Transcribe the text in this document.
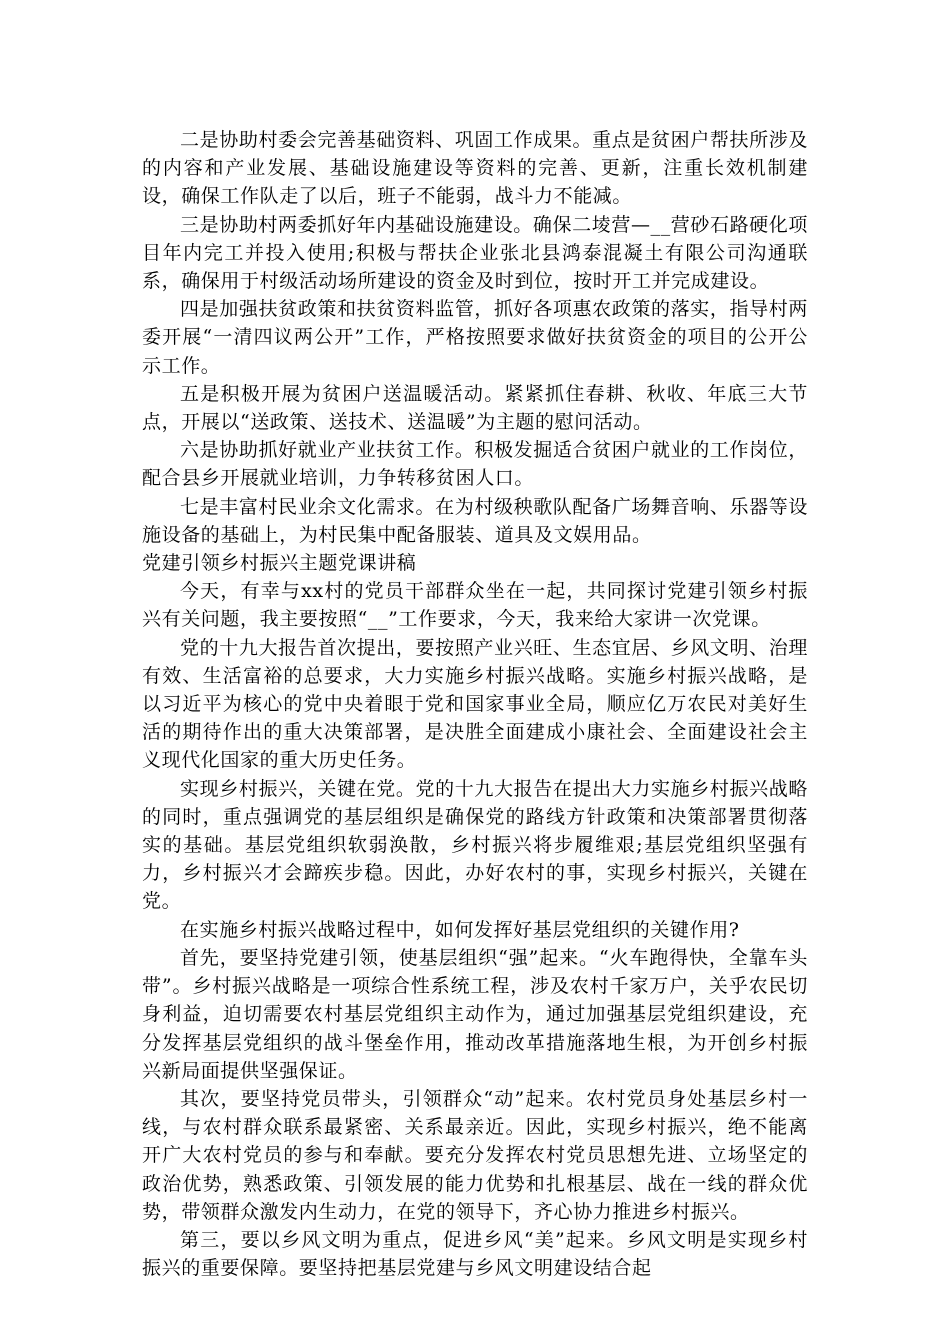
二是协助村委会完善基础资料、巩固工作成果。重点是贫困户帮扶所涉及的内容和产业发展、基础设施建设等资料的完善、更新，注重长效机制建设，确保工作队走了以后，班子不能弱，战斗力不能减。

三是协助村两委抓好年内基础设施建设。确保二堎营—__营砂石路硬化项目年内完工并投入使用;积极与帮扶企业张北县鸿泰混凝土有限公司沟通联系，确保用于村级活动场所建设的资金及时到位，按时开工并完成建设。

四是加强扶贫政策和扶贫资料监管，抓好各项惠农政策的落实，指导村两委开展“一清四议两公开”工作，严格按照要求做好扶贫资金的项目的公开公示工作。

五是积极开展为贫困户送温暖活动。紧紧抓住春耕、秋收、年底三大节点，开展以“送政策、送技术、送温暖”为主题的慰问活动。

六是协助抓好就业产业扶贫工作。积极发掘适合贫困户就业的工作岗位，配合县乡开展就业培训，力争转移贫困人口。

七是丰富村民业余文化需求。在为村级秧歌队配备广场舞音响、乐器等设施设备的基础上，为村民集中配备服装、道具及文娱用品。

党建引领乡村振兴主题党课讲稿

今天，有幸与xx村的党员干部群众坐在一起，共同探讨党建引领乡村振兴有关问题，我主要按照“__”工作要求，今天，我来给大家讲一次党课。

党的十九大报告首次提出，要按照产业兴旺、生态宜居、乡风文明、治理有效、生活富裕的总要求，大力实施乡村振兴战略。实施乡村振兴战略，是以习近平为核心的党中央着眼于党和国家事业全局，顺应亿万农民对美好生活的期待作出的重大决策部署，是决胜全面建成小康社会、全面建设社会主义现代化国家的重大历史任务。

实现乡村振兴，关键在党。党的十九大报告在提出大力实施乡村振兴战略的同时，重点强调党的基层组织是确保党的路线方针政策和决策部署贯彻落实的基础。基层党组织软弱涣散，乡村振兴将步履维艰;基层党组织坚强有力，乡村振兴才会蹄疾步稳。因此，办好农村的事，实现乡村振兴，关键在党。

在实施乡村振兴战略过程中，如何发挥好基层党组织的关键作用?

首先，要坚持党建引领，使基层组织“强”起来。“火车跑得快，全靠车头带”。乡村振兴战略是一项综合性系统工程，涉及农村千家万户，关乎农民切身利益，迫切需要农村基层党组织主动作为，通过加强基层党组织建设，充分发挥基层党组织的战斗堡垒作用，推动改革措施落地生根，为开创乡村振兴新局面提供坚强保证。

其次，要坚持党员带头，引领群众“动”起来。农村党员身处基层乡村一线，与农村群众联系最紧密、关系最亲近。因此，实现乡村振兴，绝不能离开广大农村党员的参与和奉献。要充分发挥农村党员思想先进、立场坚定的政治优势，熟悉政策、引领发展的能力优势和扎根基层、战在一线的群众优势，带领群众激发内生动力，在党的领导下，齐心协力推进乡村振兴。

第三，要以乡风文明为重点，促进乡风“美”起来。乡风文明是实现乡村振兴的重要保障。要坚持把基层党建与乡风文明建设结合起
